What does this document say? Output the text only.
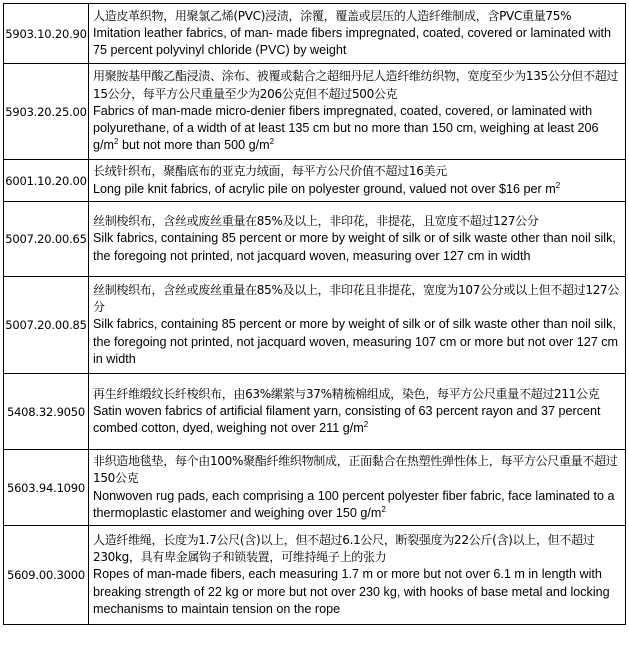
5903.10.20.90	人造皮革织物，用聚氯乙烯(PVC)浸渍，涂覆，覆盖或层压的人造纤维制成，含PVC重量75%
Imitation leather fabrics, of man- made fibers impregnated, coated, covered or laminated with 75 percent polyvinyl chloride (PVC) by weight

5903.20.25.00	用聚胺基甲酸乙酯浸渍、涂布、被覆或黏合之超细丹尼人造纤维纺织物，宽度至少为135公分但不超过15公分，每平方公尺重量至少为206公克但不超过500公克
Fabrics of man-made micro-denier fibers impregnated, coated, covered, or laminated with polyurethane, of a width of at least 135 cm but no more than 150 cm, weighing at least 206 $g/m^2$ but not more than 500 $g/m^2$

6001.10.20.00	长绒针织布，聚酯底布的亚克力绒面，每平方公尺价值不超过16美元
Long pile knit fabrics, of acrylic pile on polyester ground, valued not over $16 per $m^2$

5007.20.00.65	丝制梭织布，含丝或废丝重量在85%及以上，非印花，非提花，且宽度不超过127公分
Silk fabrics, containing 85 percent or more by weight of silk or of silk waste other than noil silk, the foregoing not printed, not jacquard woven, measuring over 127 cm in width

5007.20.00.85	丝制梭织布，含丝或废丝重量在85%及以上，非印花且非提花，宽度为107公分或以上但不超过127公分
Silk fabrics, containing 85 percent or more by weight of silk or of silk waste other than noil silk, the foregoing not printed, not jacquard woven, measuring 107 cm or more but not over 127 cm in width

5408.32.9050	再生纤维缎纹长纤梭织布，由63%缧萦与37%精梳棉组成，染色，每平方公尺重量不超过211公克
Satin woven fabrics of artificial filament yarn, consisting of 63 percent rayon and 37 percent combed cotton, dyed, weighing not over 211 $g/m^2$

5603.94.1090	非织造地毯垫，每个由100%聚酯纤维织物制成，正面黏合在热塑性弹性体上，每平方公尺重量不超过150公克
Nonwoven rug pads, each comprising a 100 percent polyester fiber fabric, face laminated to a thermoplastic elastomer and weighing over 150 $g/m^2$

5609.00.3000	人造纤维绳，长度为1.7公尺(含)以上，但不超过6.1公尺，断裂强度为22公斤(含)以上，但不超过230kg，具有卑金属钩子和锁装置，可维持绳子上的张力
Ropes of man-made fibers, each measuring 1.7 m or more but not over 6.1 m in length with breaking strength of 22 kg or more but not over 230 kg, with hooks of base metal and locking mechanisms to maintain tension on the rope
